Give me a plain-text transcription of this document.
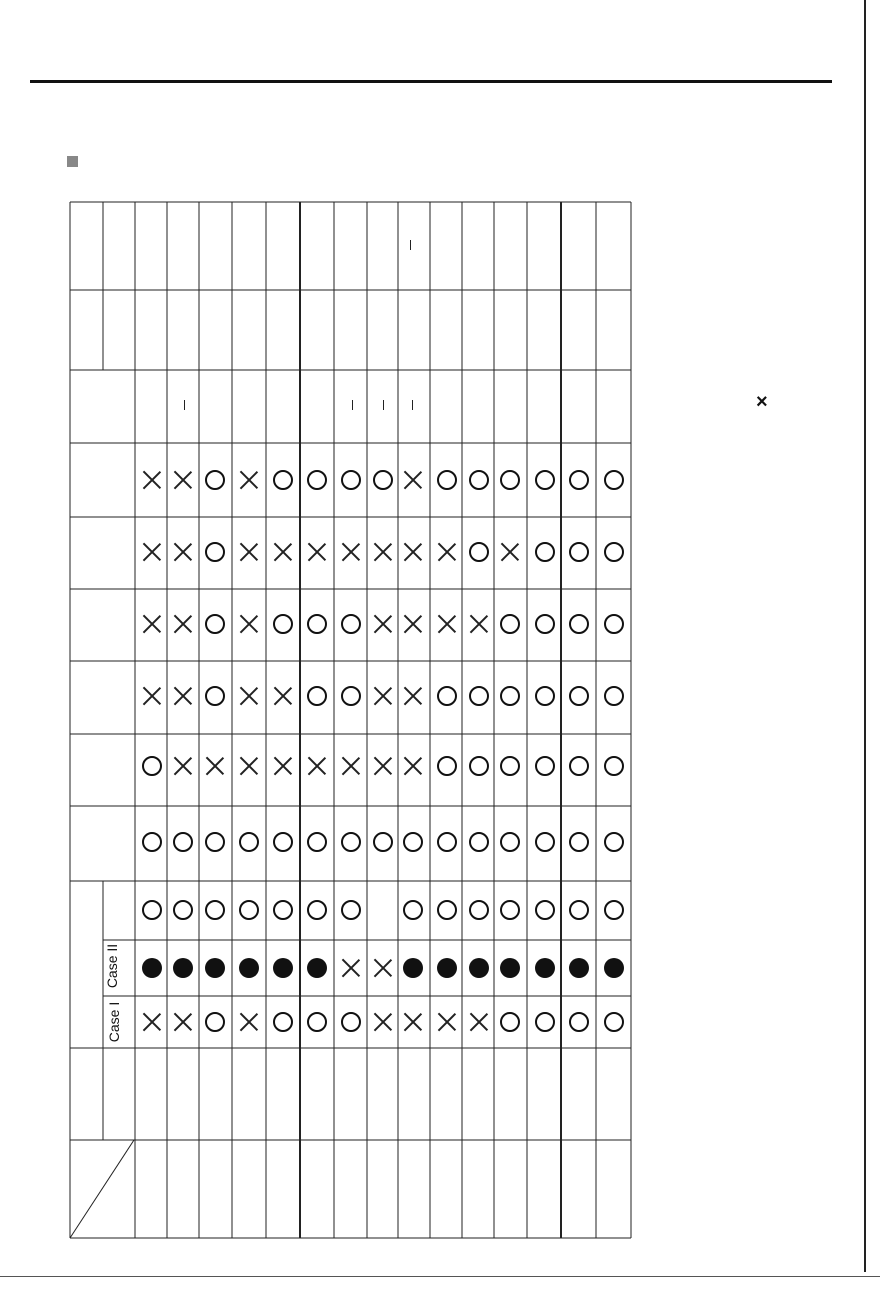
×
Case II
Case I
